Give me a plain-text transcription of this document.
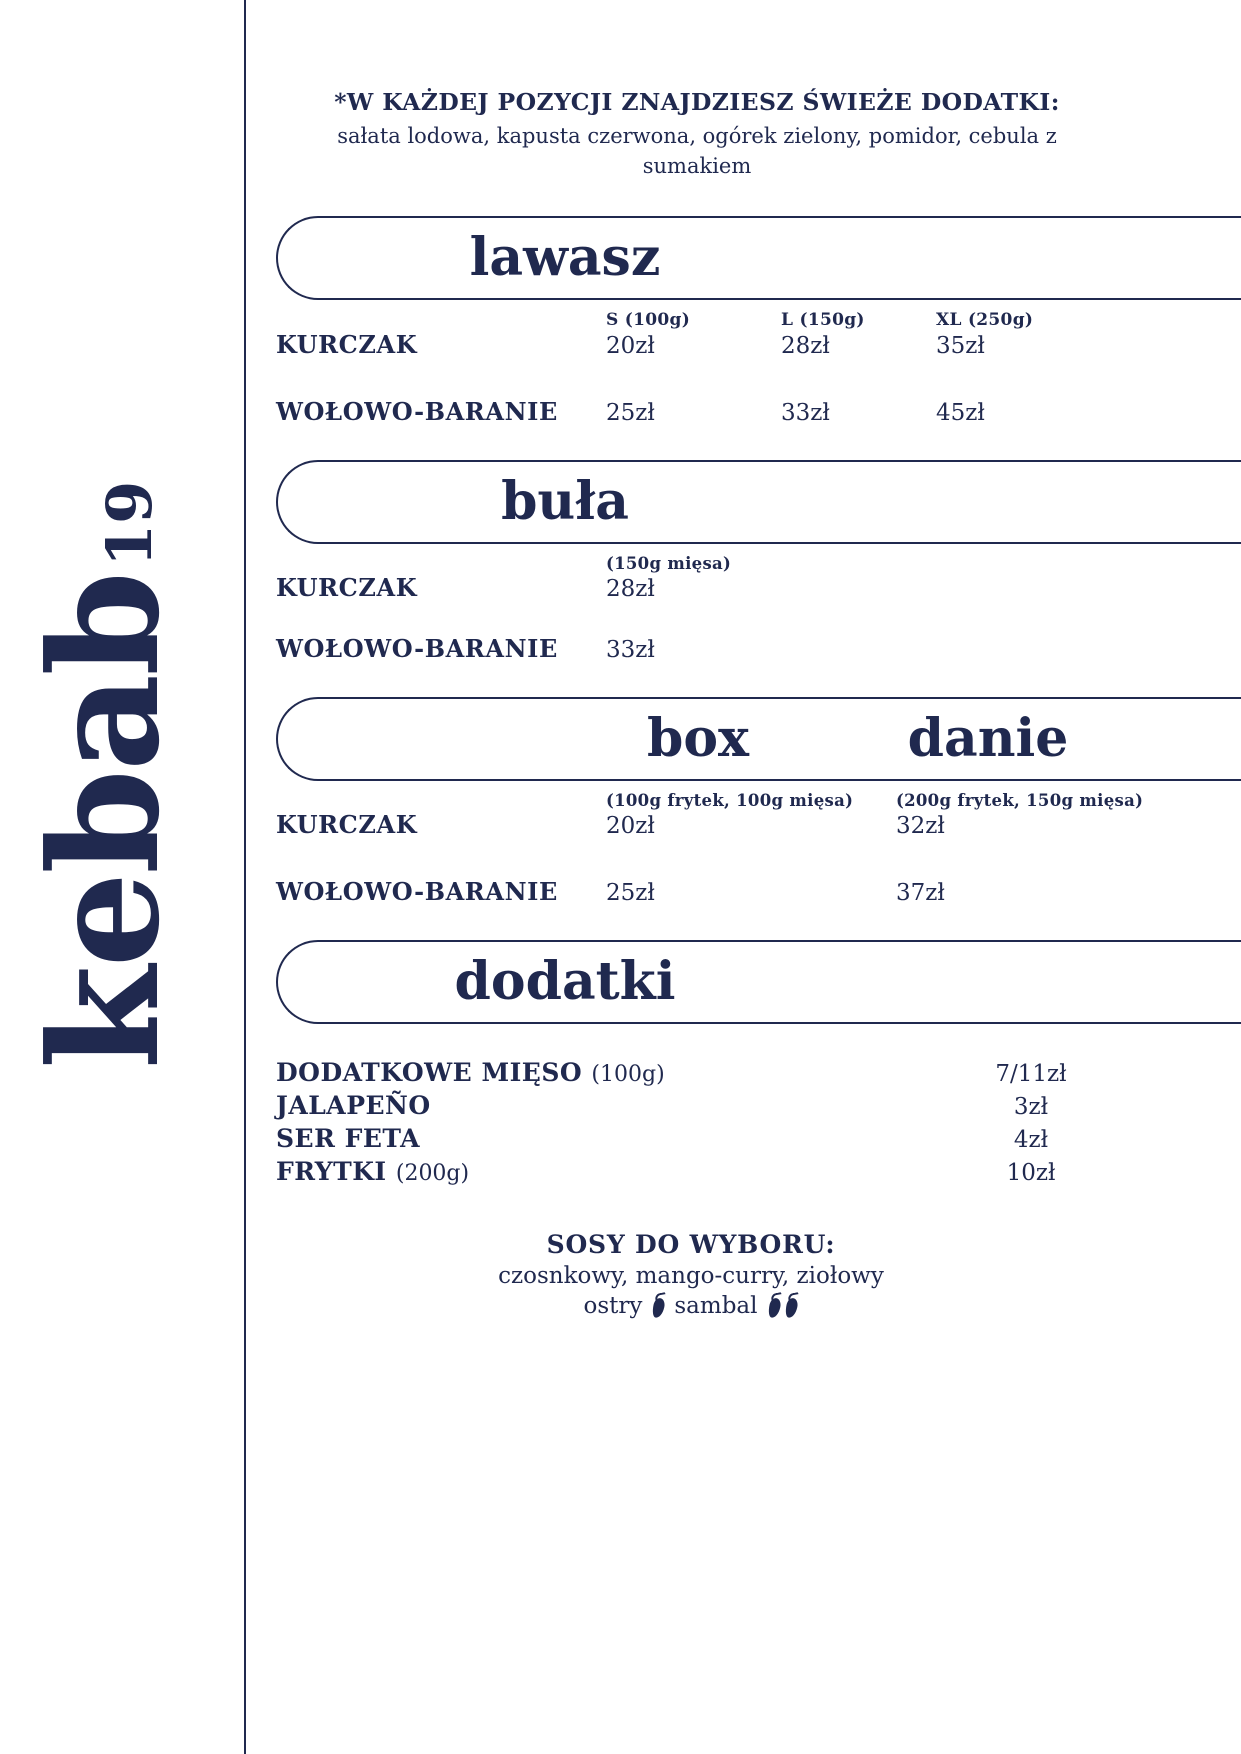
kebab19
*W KAŻDEJ POZYCJI ZNAJDZIESZ ŚWIEŻE DODATKI:
sałata lodowa, kapusta czerwona, ogórek zielony, pomidor, cebula z sumakiem
lawasz
	S (100g)	L (150g)	XL (250g)
KURCZAK	20zł	28zł	35zł

WOŁOWO-BARANIE	25zł	33zł	45zł
buła
	(150g mięsa)		
KURCZAK	28zł		

WOŁOWO-BARANIE	33zł		
box	danie
	(100g frytek, 100g mięsa)	(200g frytek, 150g mięsa)
KURCZAK	20zł	32zł

WOŁOWO-BARANIE	25zł	37zł
dodatki
DODATKOWE MIĘSO (100g)	7/11zł
JALAPEÑO	3zł
SER FETA	4zł
FRYTKI (200g)	10zł
SOSY DO WYBORU:
czosnkowy, mango-curry, ziołowy
ostry sambal
